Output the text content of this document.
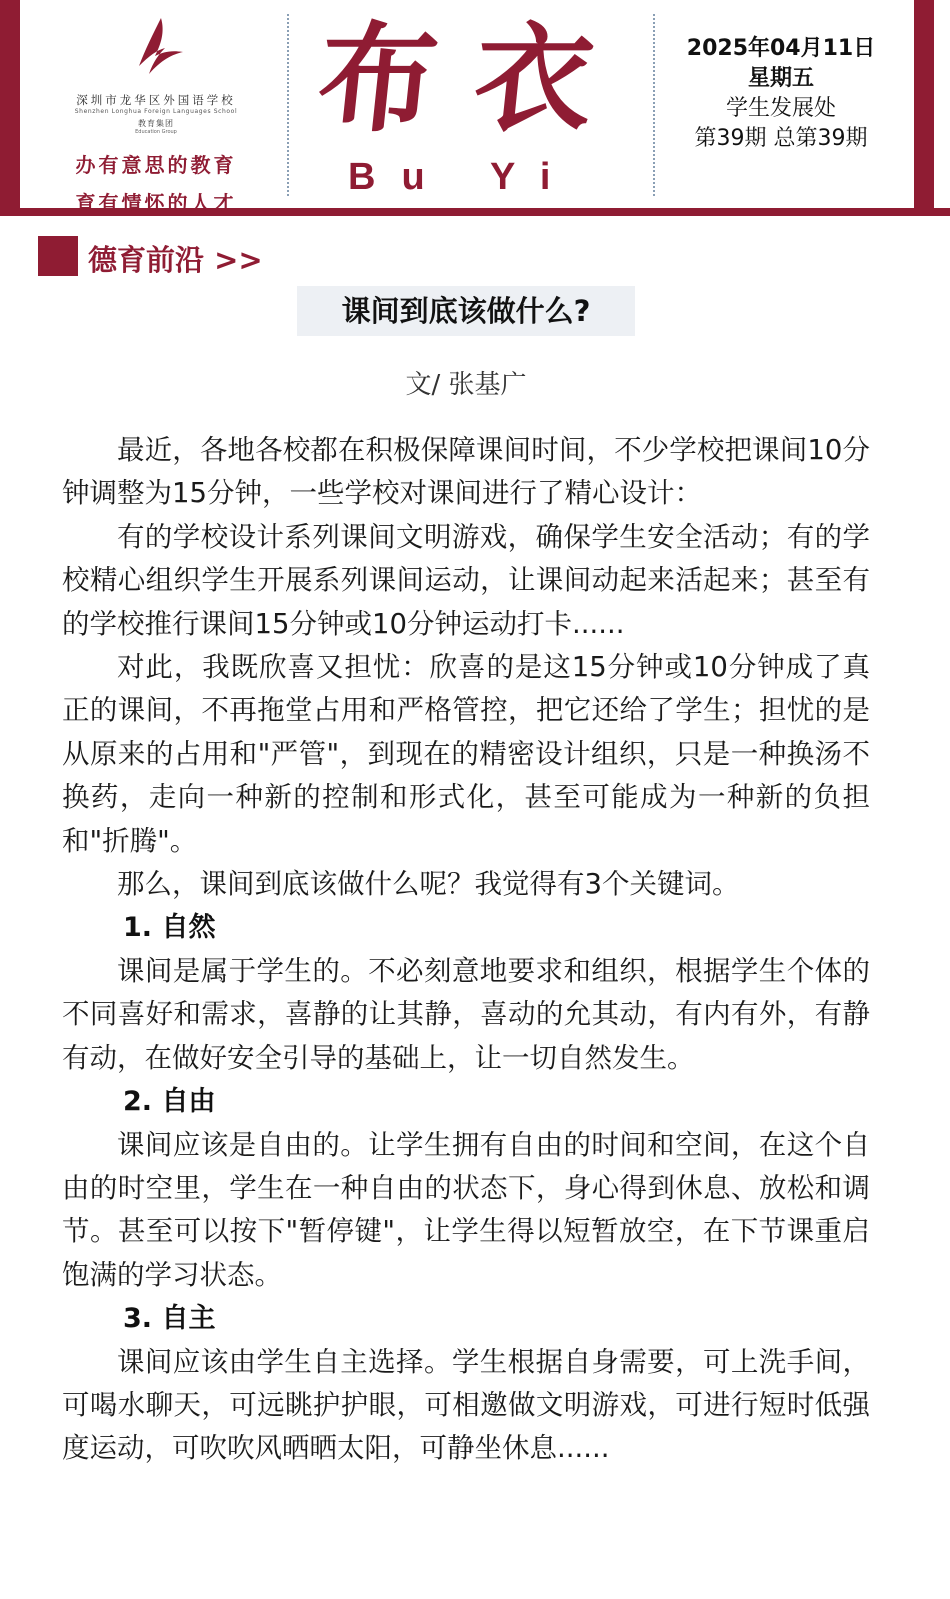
深圳市龙华区外国语学校
Shenzhen Longhua Foreign Languages School
教育集团
Education Group
办有意思的教育
育有情怀的人才
布衣
Bu Yi
2025年04月11日
星期五
学生发展处
第39期 总第39期
德育前沿 >>
课间到底该做什么?
文/ 张基广

最近，各地各校都在积极保障课间时间，不少学校把课间10分钟调整为15分钟，一些学校对课间进行了精心设计：

有的学校设计系列课间文明游戏，确保学生安全活动；有的学校精心组织学生开展系列课间运动，让课间动起来活起来；甚至有的学校推行课间15分钟或10分钟运动打卡......

对此，我既欣喜又担忧：欣喜的是这15分钟或10分钟成了真正的课间，不再拖堂占用和严格管控，把它还给了学生；担忧的是从原来的占用和"严管"，到现在的精密设计组织，只是一种换汤不换药，走向一种新的控制和形式化，甚至可能成为一种新的负担和"折腾"。

那么，课间到底该做什么呢？我觉得有3个关键词。

1. 自然

课间是属于学生的。不必刻意地要求和组织，根据学生个体的不同喜好和需求，喜静的让其静，喜动的允其动，有内有外，有静有动，在做好安全引导的基础上，让一切自然发生。

2. 自由

课间应该是自由的。让学生拥有自由的时间和空间，在这个自由的时空里，学生在一种自由的状态下，身心得到休息、放松和调节。甚至可以按下"暂停键"，让学生得以短暂放空，在下节课重启饱满的学习状态。

3. 自主

课间应该由学生自主选择。学生根据自身需要，可上洗手间，可喝水聊天，可远眺护护眼，可相邀做文明游戏，可进行短时低强度运动，可吹吹风晒晒太阳，可静坐休息......
